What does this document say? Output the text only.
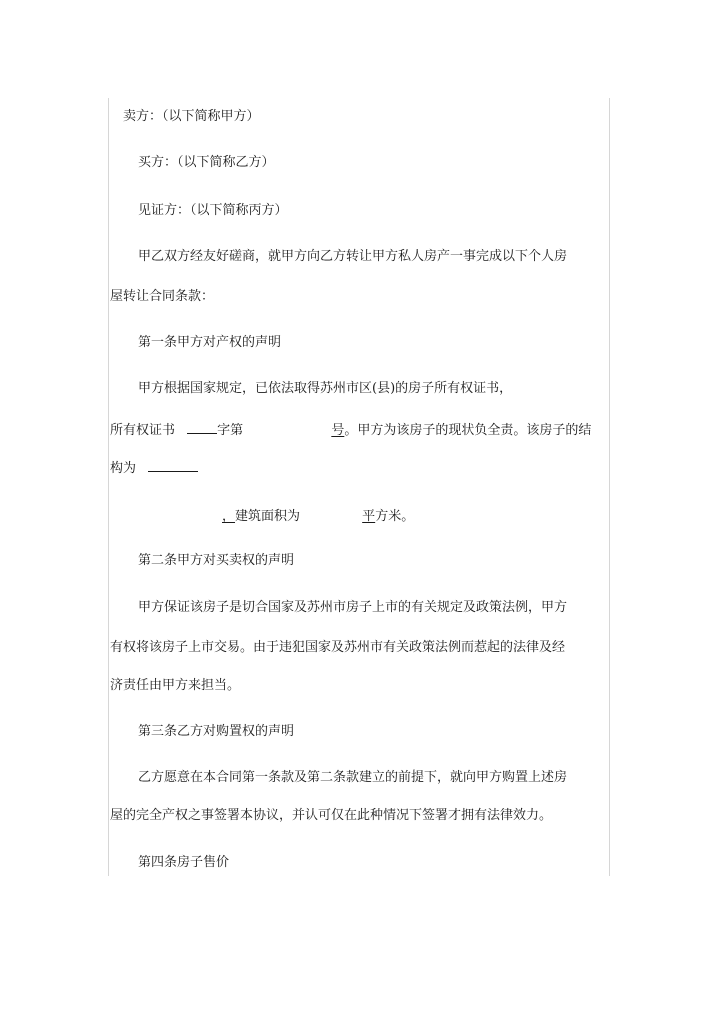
卖方：（以下简称甲方）
买方：（以下简称乙方）
见证方：（以下简称丙方）
甲乙双方经友好磋商，就甲方向乙方转让甲方私人房产一事完成以下个人房
屋转让合同条款：
第一条甲方对产权的声明
甲方根据国家规定，已依法取得苏州市区(县)的房子所有权证书，
所有权证书	字第	号。甲方为该房子的现状负全责。该房子的结
构为
，建筑面积为	平方米。
第二条甲方对买卖权的声明
甲方保证该房子是切合国家及苏州市房子上市的有关规定及政策法例，甲方
有权将该房子上市交易。由于违犯国家及苏州市有关政策法例而惹起的法律及经
济责任由甲方来担当。
第三条乙方对购置权的声明
乙方愿意在本合同第一条款及第二条款建立的前提下，就向甲方购置上述房
屋的完全产权之事签署本协议，并认可仅在此种情况下签署才拥有法律效力。
第四条房子售价
